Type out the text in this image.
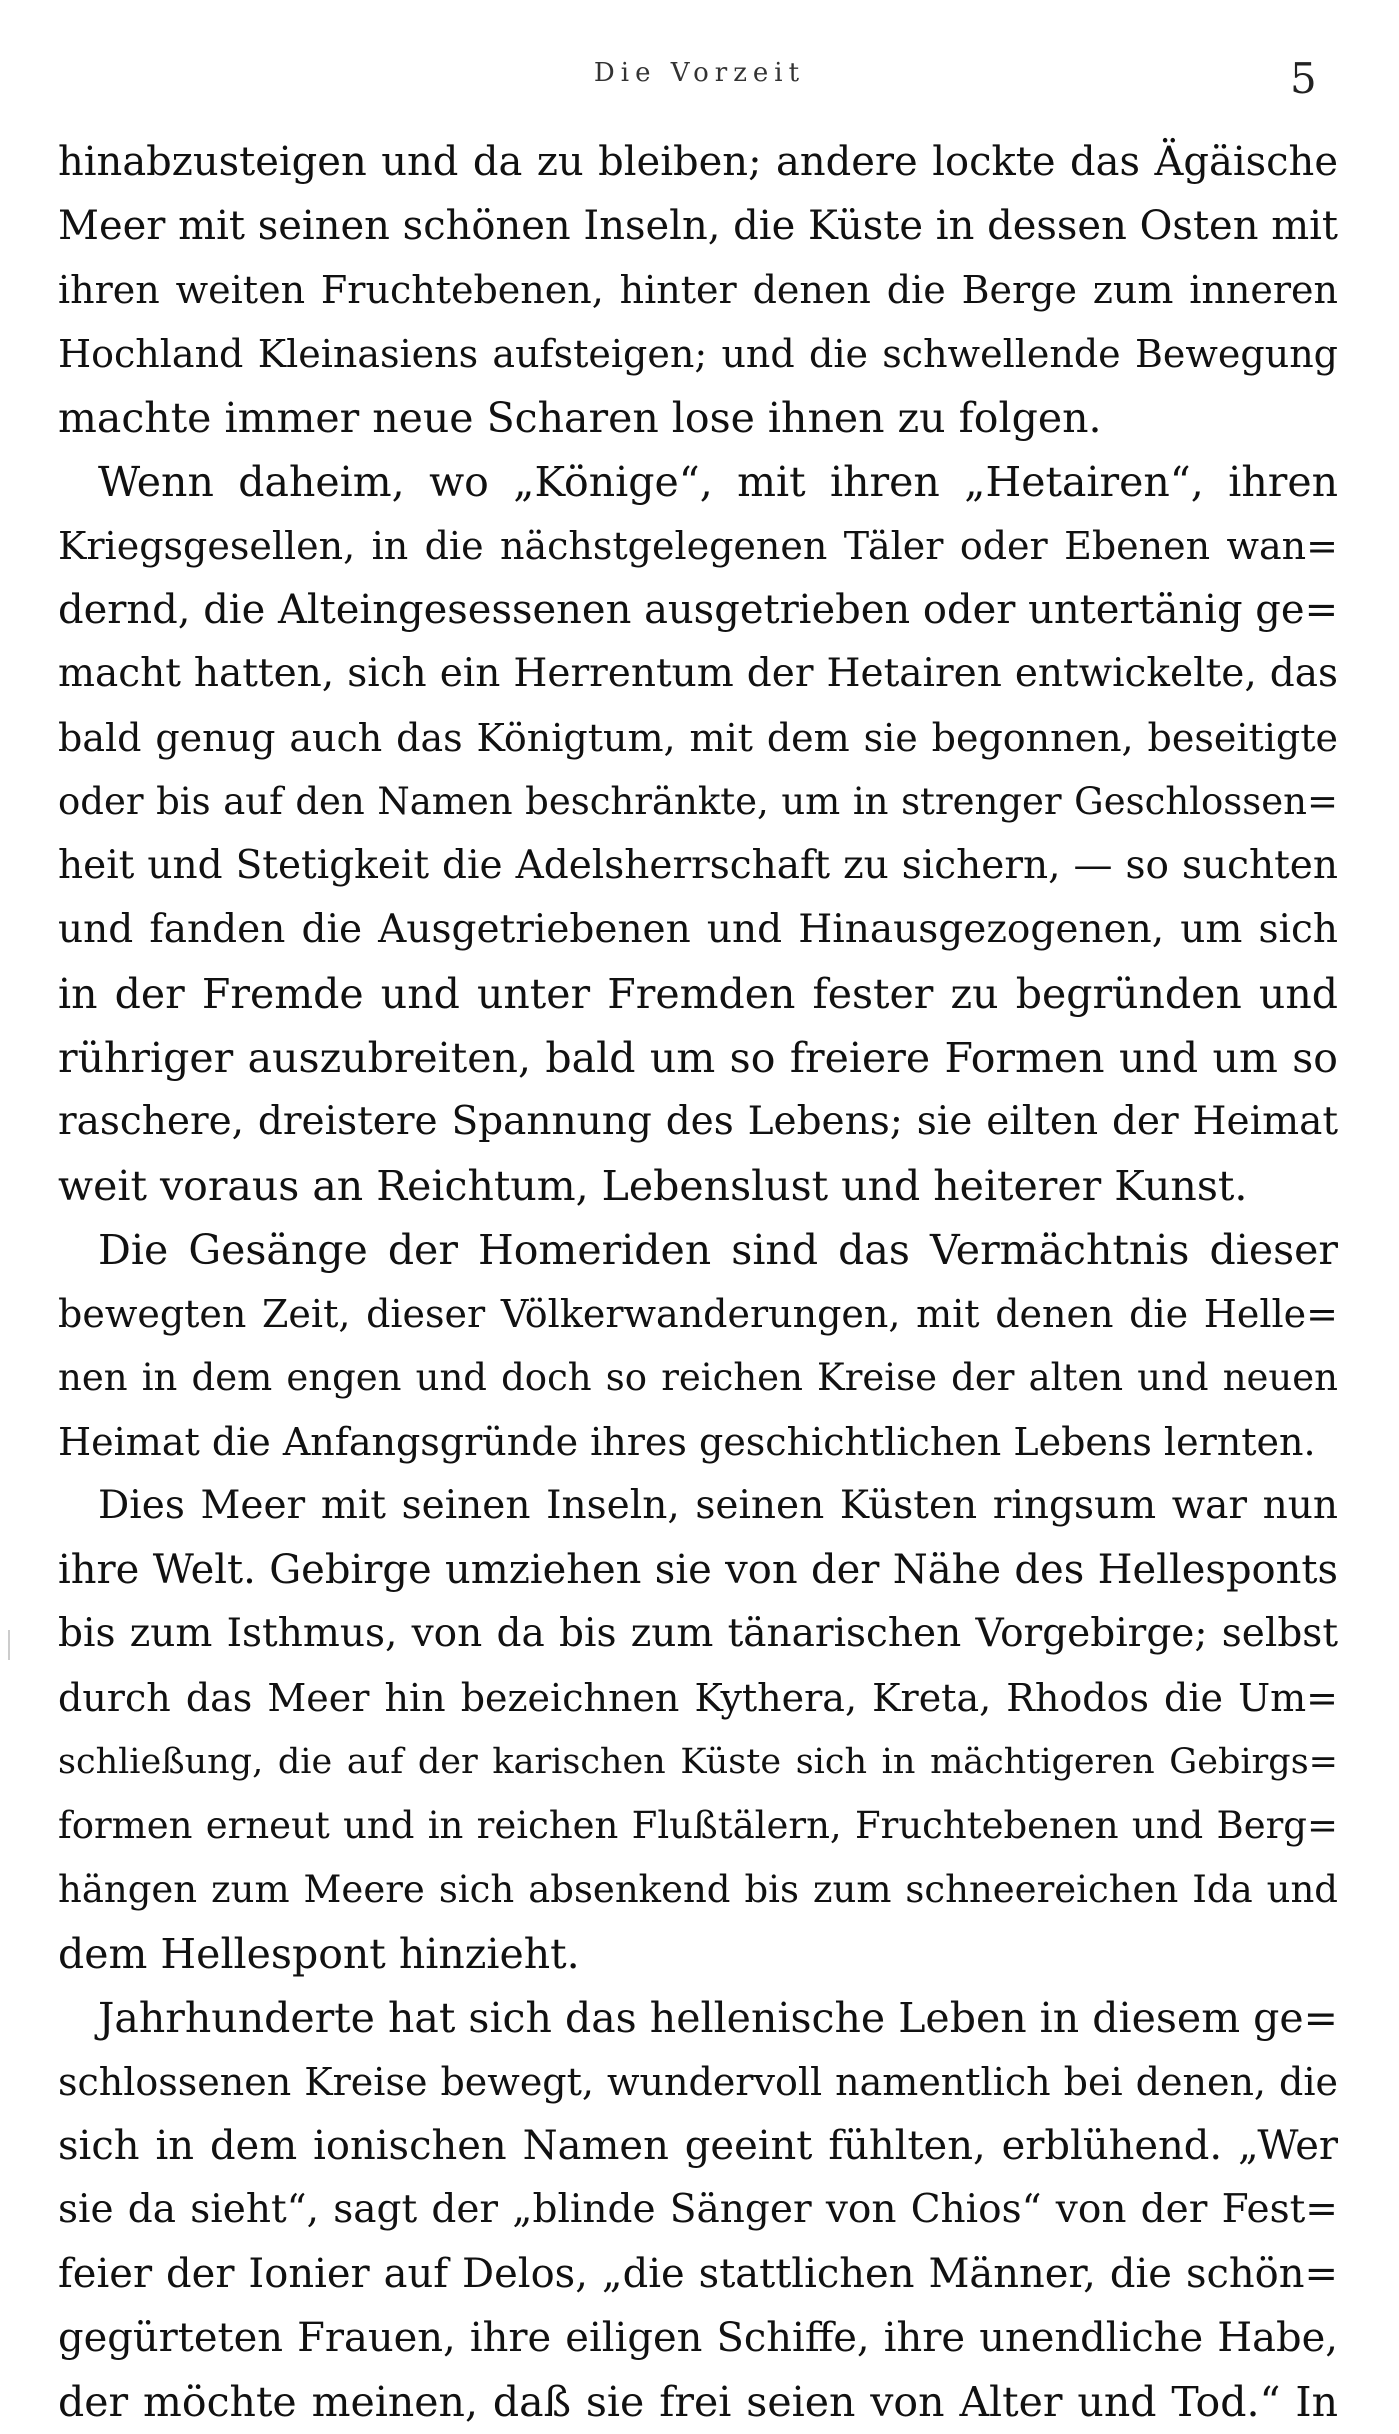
Die Vorzeit	5
hinabzusteigen und da zu bleiben; andere lockte das Ägäische
Meer mit seinen schönen Inseln, die Küste in dessen Osten mit
ihren weiten Fruchtebenen, hinter denen die Berge zum inneren
Hochland Kleinasiens aufsteigen; und die schwellende Bewegung
machte immer neue Scharen lose ihnen zu folgen.
Wenn daheim, wo „Könige“, mit ihren „Hetairen“, ihren
Kriegsgesellen, in die nächstgelegenen Täler oder Ebenen wan=
dernd, die Alteingesessenen ausgetrieben oder untertänig ge=
macht hatten, sich ein Herrentum der Hetairen entwickelte, das
bald genug auch das Königtum, mit dem sie begonnen, beseitigte
oder bis auf den Namen beschränkte, um in strenger Geschlossen=
heit und Stetigkeit die Adelsherrschaft zu sichern, — so suchten
und fanden die Ausgetriebenen und Hinausgezogenen, um sich
in der Fremde und unter Fremden fester zu begründen und
rühriger auszubreiten, bald um so freiere Formen und um so
raschere, dreistere Spannung des Lebens; sie eilten der Heimat
weit voraus an Reichtum, Lebenslust und heiterer Kunst.
Die Gesänge der Homeriden sind das Vermächtnis dieser
bewegten Zeit, dieser Völkerwanderungen, mit denen die Helle=
nen in dem engen und doch so reichen Kreise der alten und neuen
Heimat die Anfangsgründe ihres geschichtlichen Lebens lernten.
Dies Meer mit seinen Inseln, seinen Küsten ringsum war nun
ihre Welt. Gebirge umziehen sie von der Nähe des Hellesponts
bis zum Isthmus, von da bis zum tänarischen Vorgebirge; selbst
durch das Meer hin bezeichnen Kythera, Kreta, Rhodos die Um=
schließung, die auf der karischen Küste sich in mächtigeren Gebirgs=
formen erneut und in reichen Flußtälern, Fruchtebenen und Berg=
hängen zum Meere sich absenkend bis zum schneereichen Ida und
dem Hellespont hinzieht.
Jahrhunderte hat sich das hellenische Leben in diesem ge=
schlossenen Kreise bewegt, wundervoll namentlich bei denen, die
sich in dem ionischen Namen geeint fühlten, erblühend. „Wer
sie da sieht“, sagt der „blinde Sänger von Chios“ von der Fest=
feier der Ionier auf Delos, „die stattlichen Männer, die schön=
gegürteten Frauen, ihre eiligen Schiffe, ihre unendliche Habe,
der möchte meinen, daß sie frei seien von Alter und Tod.“ In
